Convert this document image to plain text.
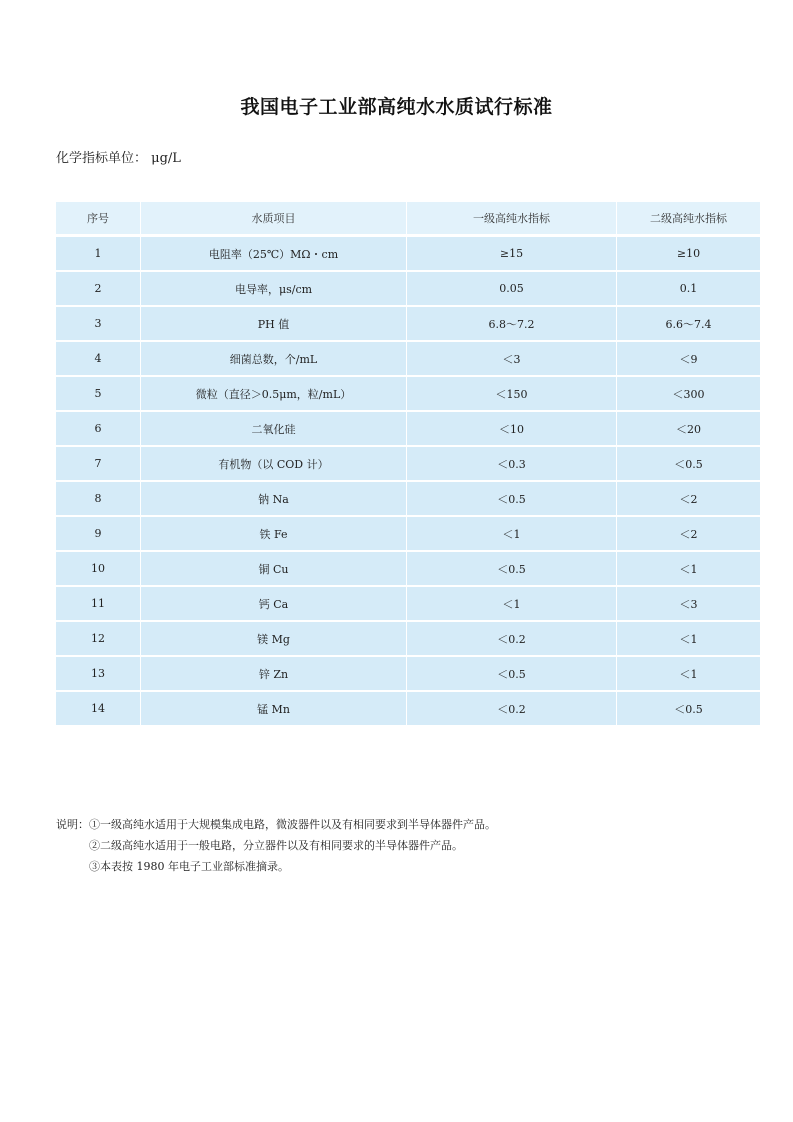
我国电子工业部高纯水水质试行标准
化学指标单位： μg/L
序号	水质项目	一级高纯水指标	二级高纯水指标
1	电阻率（25℃）MΩ・cm	≥15	≥10
2	电导率，μs/cm	0.05	0.1
3	PH 值	6.8～7.2	6.6～7.4
4	细菌总数，个/mL	＜3	＜9
5	微粒（直径＞0.5μm，粒/mL）	＜150	＜300
6	二氧化硅	＜10	＜20
7	有机物（以 COD 计）	＜0.3	＜0.5
8	钠 Na	＜0.5	＜2
9	铁 Fe	＜1	＜2
10	铜 Cu	＜0.5	＜1
11	钙 Ca	＜1	＜3
12	镁 Mg	＜0.2	＜1
13	锌 Zn	＜0.5	＜1
14	锰 Mn	＜0.2	＜0.5
说明：①一级高纯水适用于大规模集成电路，微波器件以及有相同要求到半导体器件产品。
②二级高纯水适用于一般电路，分立器件以及有相同要求的半导体器件产品。
③本表按 1980 年电子工业部标准摘录。
